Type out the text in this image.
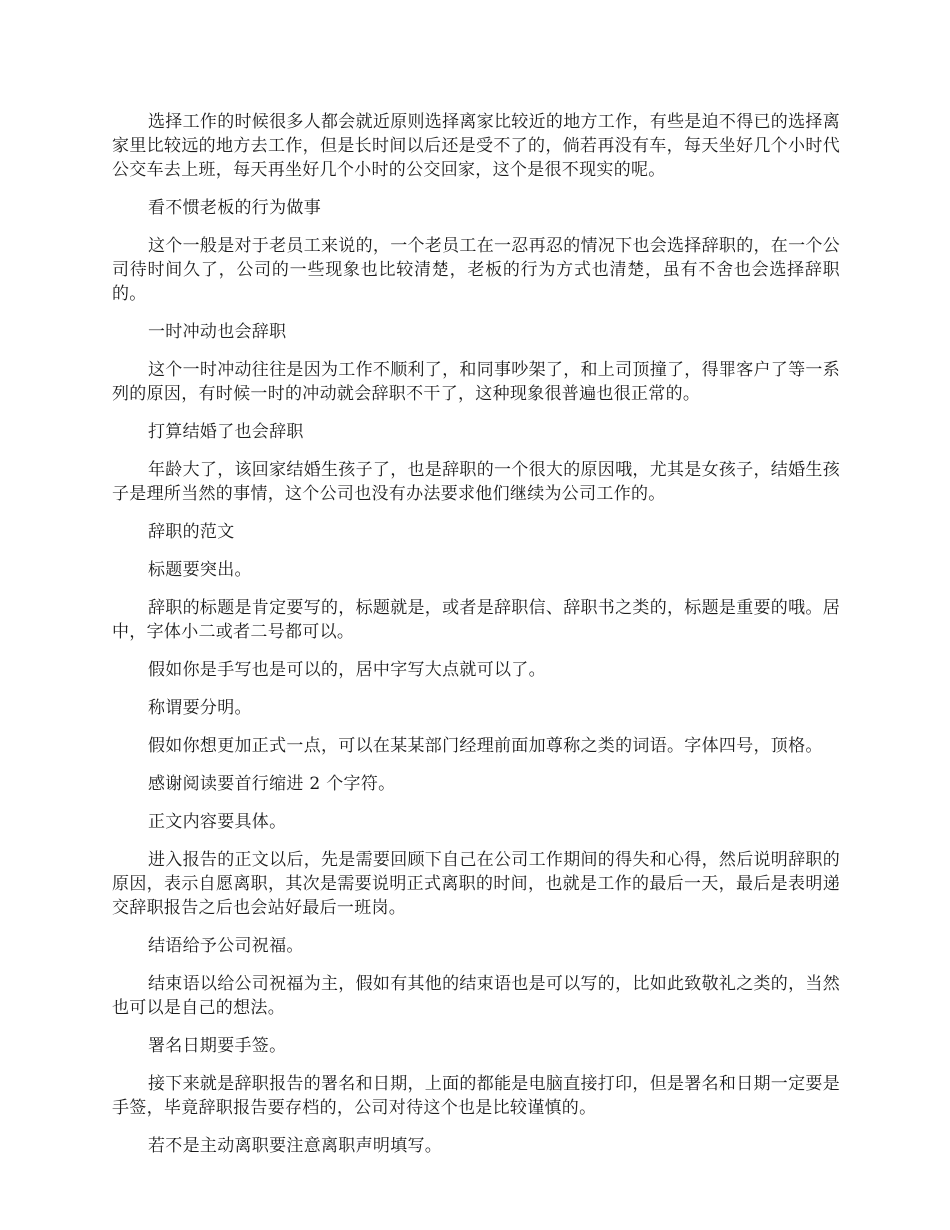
选择工作的时候很多人都会就近原则选择离家比较近的地方工作，有些是迫不得已的选择离家里比较远的地方去工作，但是长时间以后还是受不了的，倘若再没有车，每天坐好几个小时代公交车去上班，每天再坐好几个小时的公交回家，这个是很不现实的呢。

看不惯老板的行为做事

这个一般是对于老员工来说的，一个老员工在一忍再忍的情况下也会选择辞职的，在一个公司待时间久了，公司的一些现象也比较清楚，老板的行为方式也清楚，虽有不舍也会选择辞职的。

一时冲动也会辞职

这个一时冲动往往是因为工作不顺利了，和同事吵架了，和上司顶撞了，得罪客户了等一系列的原因，有时候一时的冲动就会辞职不干了，这种现象很普遍也很正常的。

打算结婚了也会辞职

年龄大了，该回家结婚生孩子了，也是辞职的一个很大的原因哦，尤其是女孩子，结婚生孩子是理所当然的事情，这个公司也没有办法要求他们继续为公司工作的。

辞职的范文

标题要突出。

辞职的标题是肯定要写的，标题就是，或者是辞职信、辞职书之类的，标题是重要的哦。居中，字体小二或者二号都可以。

假如你是手写也是可以的，居中字写大点就可以了。

称谓要分明。

假如你想更加正式一点，可以在某某部门经理前面加尊称之类的词语。字体四号，顶格。

感谢阅读要首行缩进 2 个字符。

正文内容要具体。

进入报告的正文以后，先是需要回顾下自己在公司工作期间的得失和心得，然后说明辞职的原因，表示自愿离职，其次是需要说明正式离职的时间，也就是工作的最后一天，最后是表明递交辞职报告之后也会站好最后一班岗。

结语给予公司祝福。

结束语以给公司祝福为主，假如有其他的结束语也是可以写的，比如此致敬礼之类的，当然也可以是自己的想法。

署名日期要手签。

接下来就是辞职报告的署名和日期，上面的都能是电脑直接打印，但是署名和日期一定要是手签，毕竟辞职报告要存档的，公司对待这个也是比较谨慎的。

若不是主动离职要注意离职声明填写。
